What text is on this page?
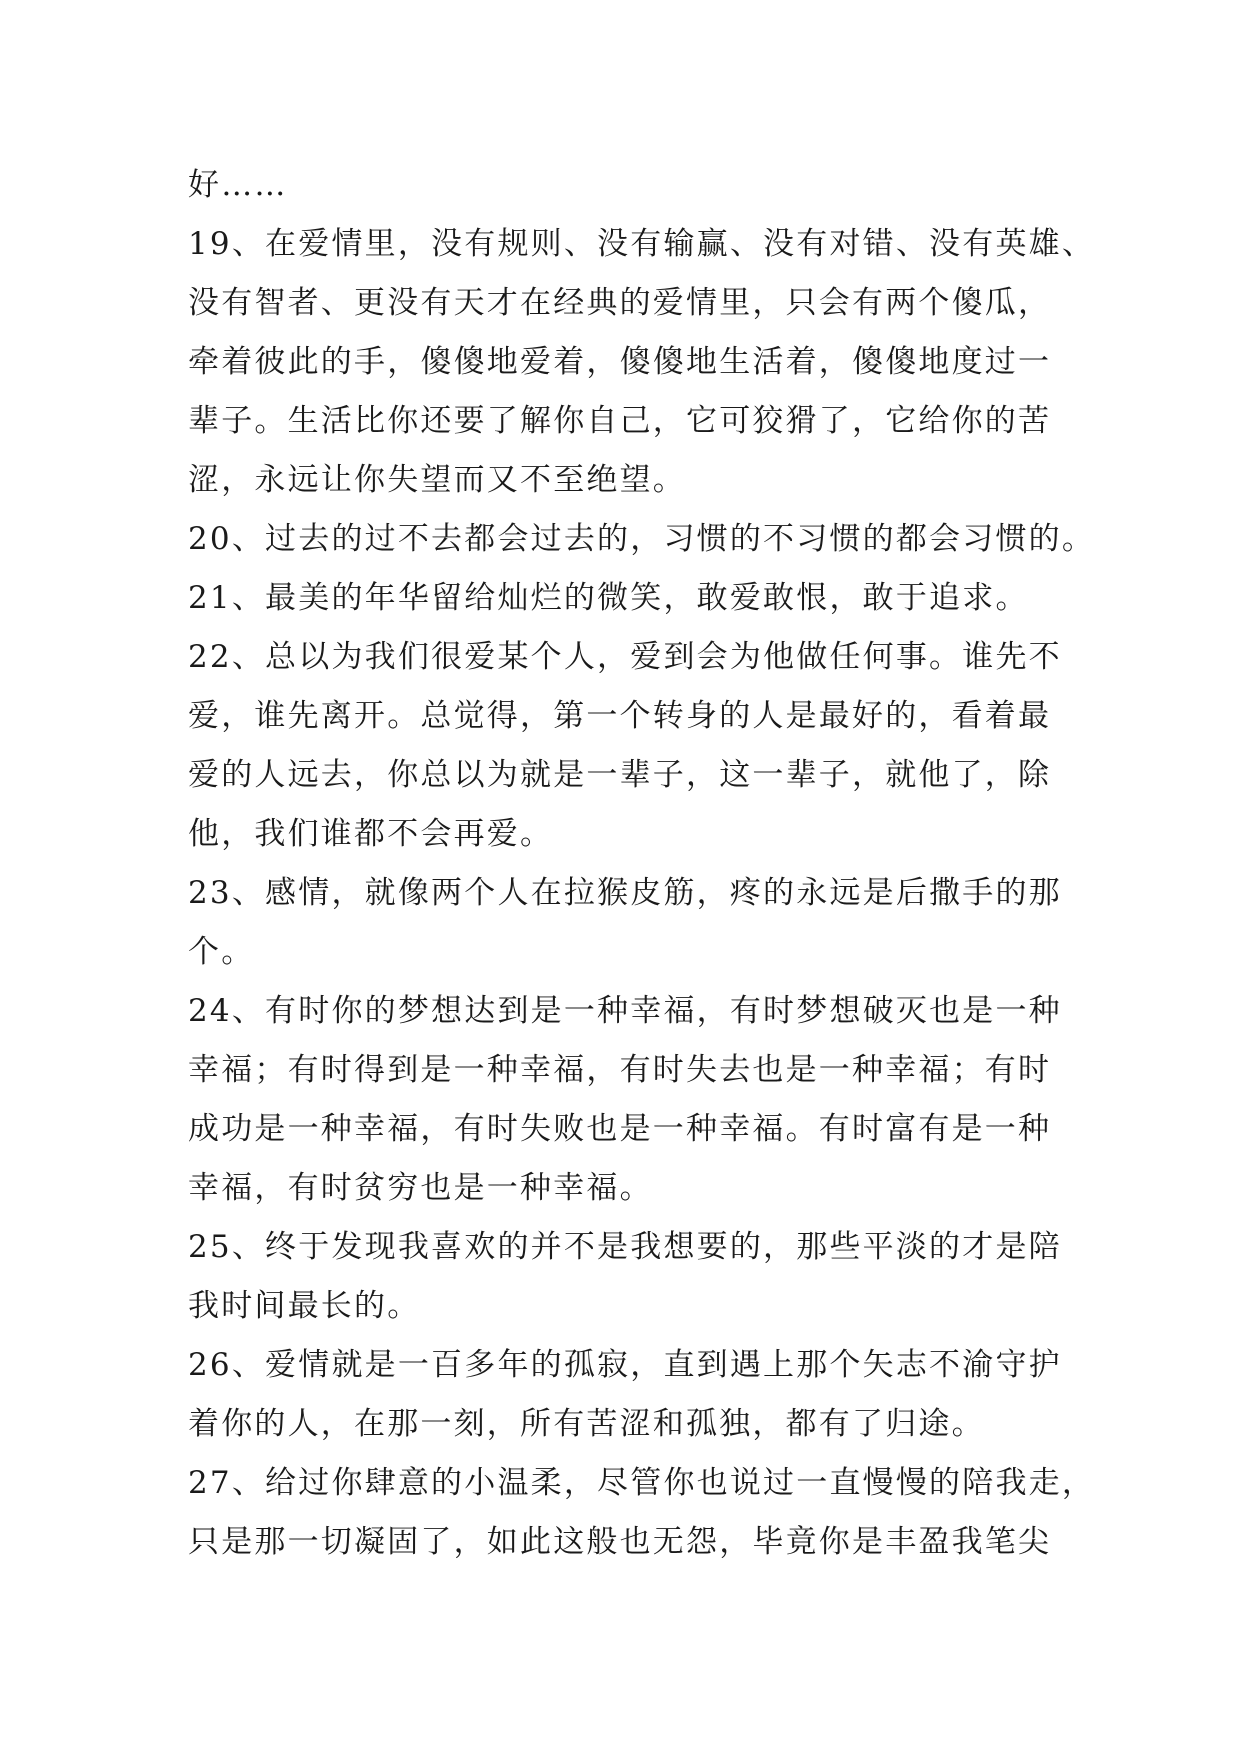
好……
19、在爱情里，没有规则、没有输赢、没有对错、没有英雄、
没有智者、更没有天才在经典的爱情里，只会有两个傻瓜，
牵着彼此的手，傻傻地爱着，傻傻地生活着，傻傻地度过一
辈子。生活比你还要了解你自己，它可狡猾了，它给你的苦
涩，永远让你失望而又不至绝望。
20、过去的过不去都会过去的，习惯的不习惯的都会习惯的。
21、最美的年华留给灿烂的微笑，敢爱敢恨，敢于追求。
22、总以为我们很爱某个人，爱到会为他做任何事。谁先不
爱，谁先离开。总觉得，第一个转身的人是最好的，看着最
爱的人远去，你总以为就是一辈子，这一辈子，就他了，除
他，我们谁都不会再爱。
23、感情，就像两个人在拉猴皮筋，疼的永远是后撒手的那
个。
24、有时你的梦想达到是一种幸福，有时梦想破灭也是一种
幸福；有时得到是一种幸福，有时失去也是一种幸福；有时
成功是一种幸福，有时失败也是一种幸福。有时富有是一种
幸福，有时贫穷也是一种幸福。
25、终于发现我喜欢的并不是我想要的，那些平淡的才是陪
我时间最长的。
26、爱情就是一百多年的孤寂，直到遇上那个矢志不渝守护
着你的人，在那一刻，所有苦涩和孤独，都有了归途。
27、给过你肆意的小温柔，尽管你也说过一直慢慢的陪我走，
只是那一切凝固了，如此这般也无怨，毕竟你是丰盈我笔尖
